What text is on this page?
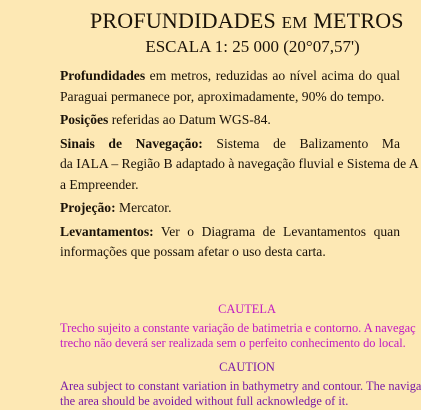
PROFUNDIDADES EM METROS
ESCALA 1: 25 000 (20°07,57')

Profundidades em metros, reduzidas ao nível acima do qual
Paraguai permanece por, aproximadamente, 90% do tempo.

Posições referidas ao Datum WGS-84.

Sinais de Navegação: Sistema de Balizamento Ma
da IALA – Região B adaptado à navegação fluvial e Sistema de A
a Empreender.

Projeção: Mercator.

Levantamentos: Ver o Diagrama de Levantamentos quan
informações que possam afetar o uso desta carta.

CAUTELA
Trecho sujeito a constante variação de batimetria e contorno. A navegaç
trecho não deverá ser realizada sem o perfeito conhecimento do local.
CAUTION
Area subject to constant variation in bathymetry and contour. The naviga
the area should be avoided without full acknowledge of it.
